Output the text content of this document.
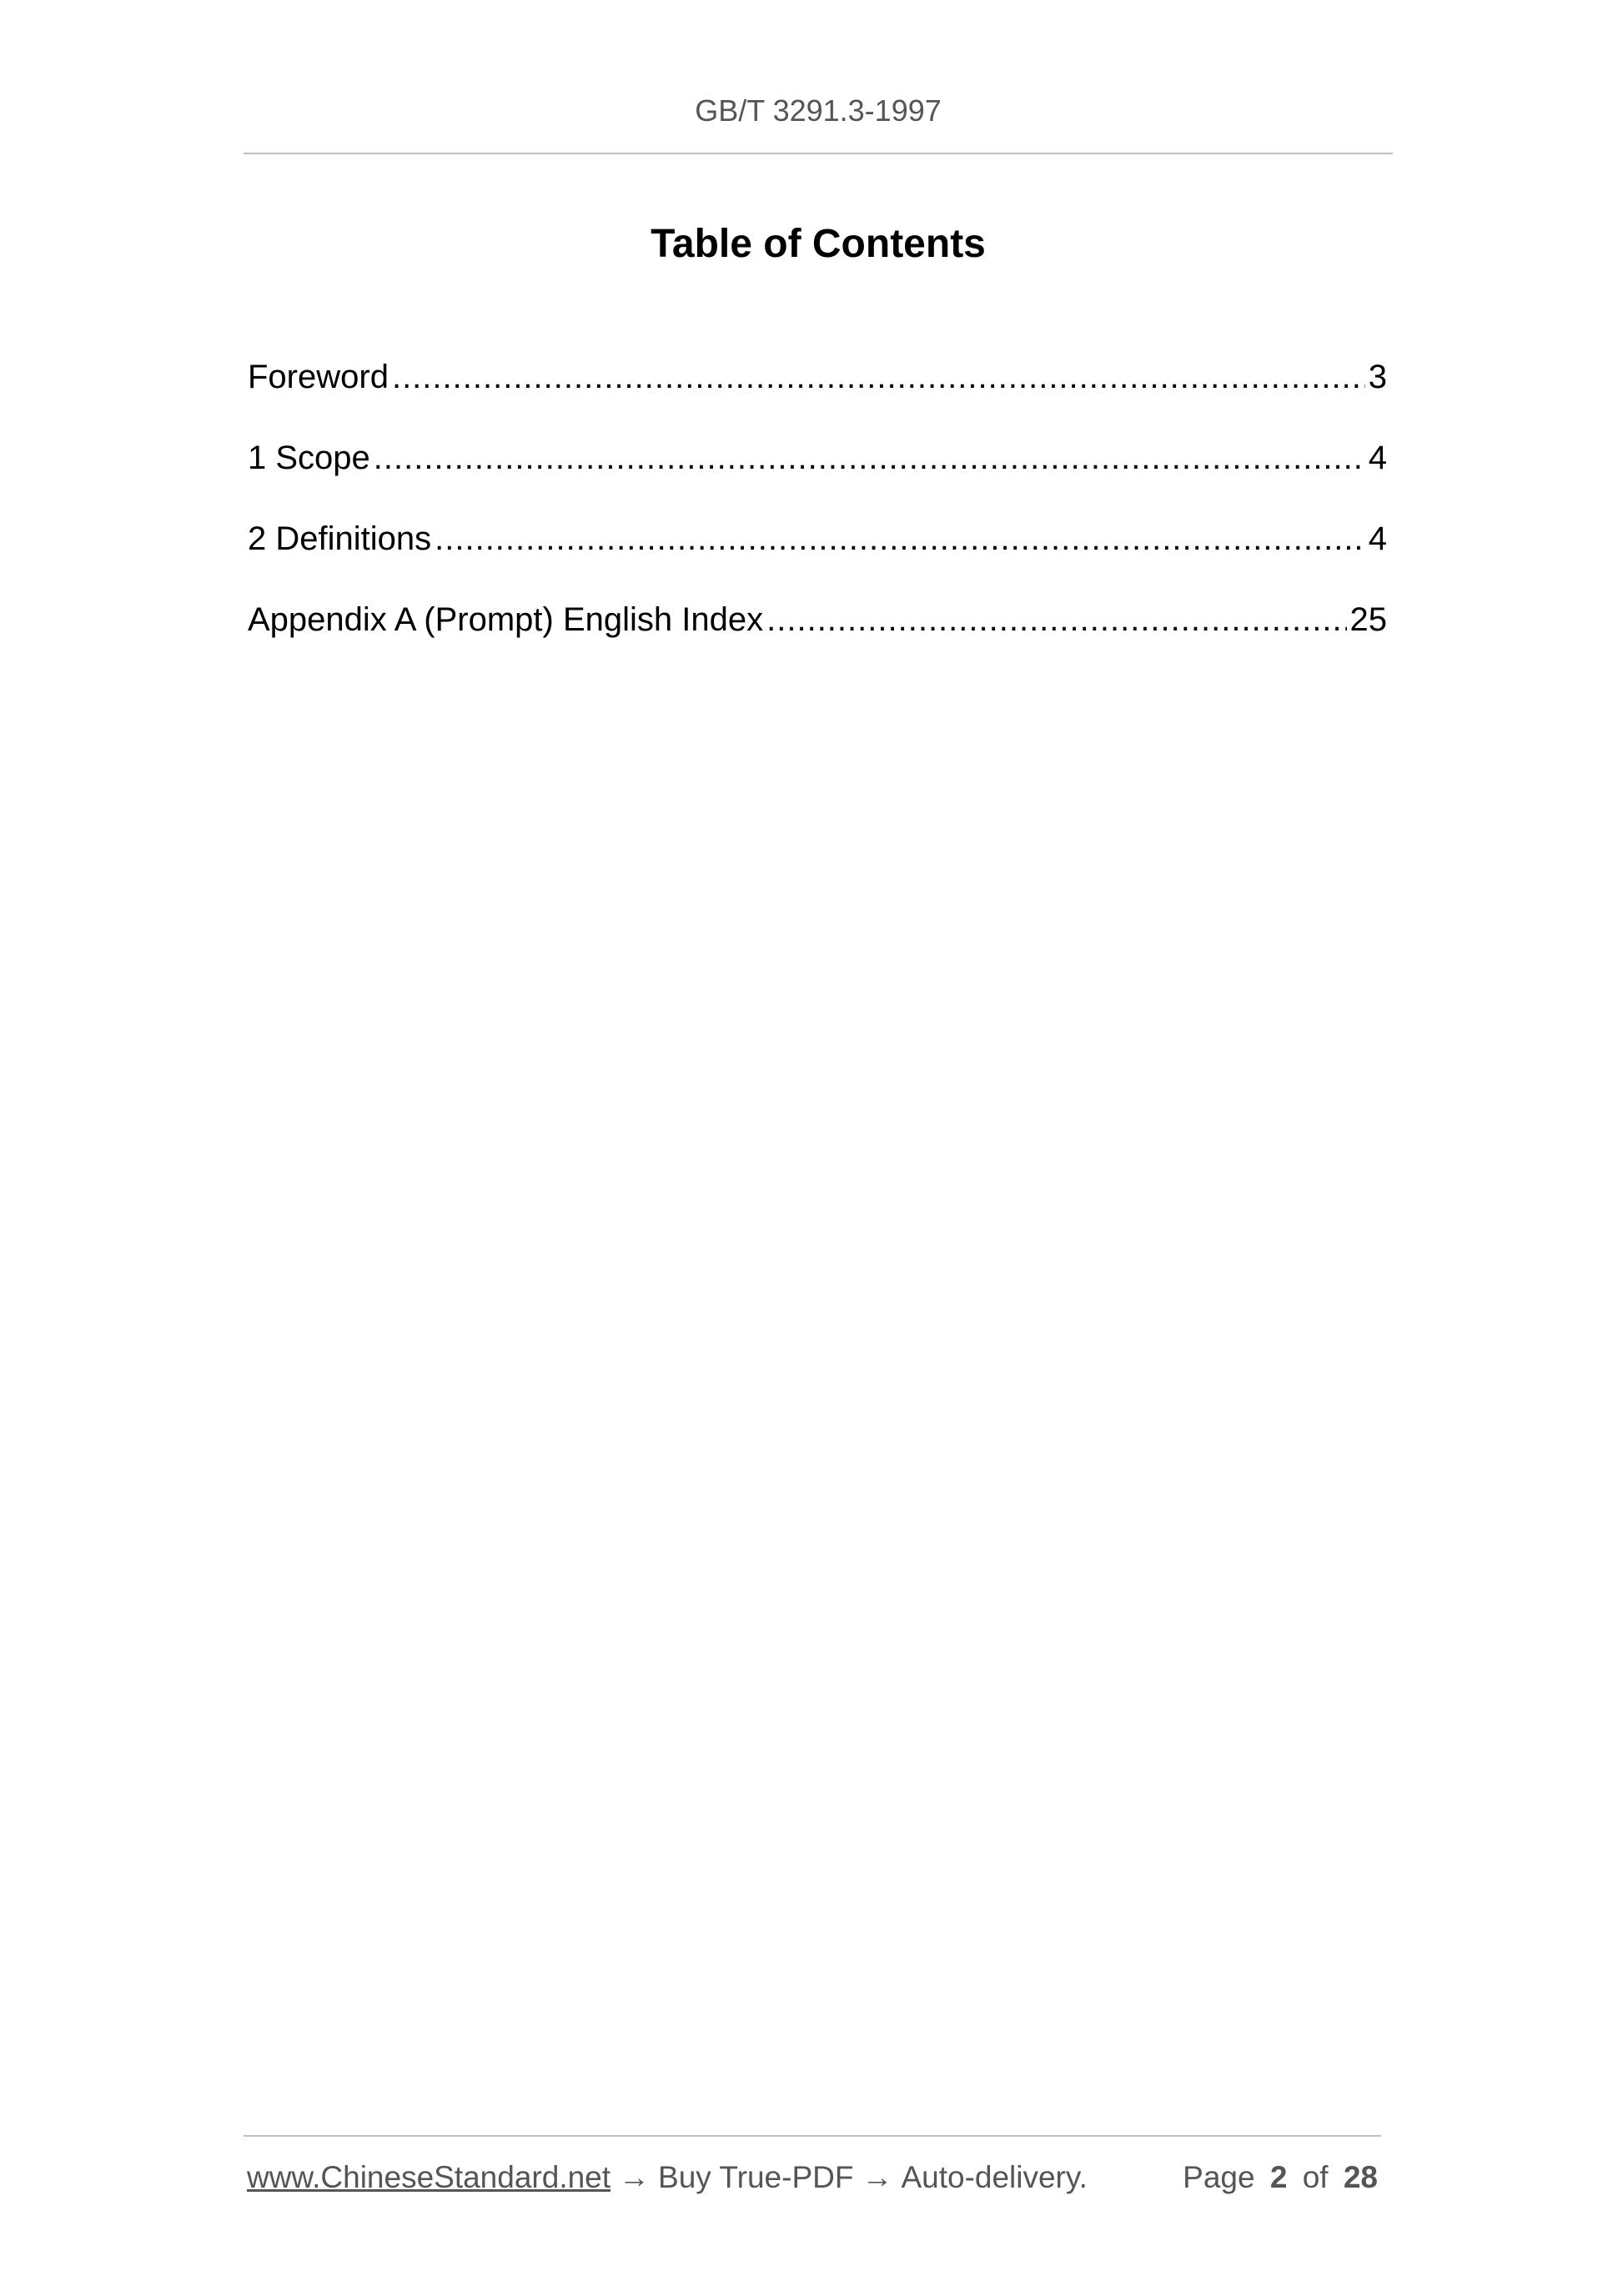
GB/T 3291.3-1997
Table of Contents
Foreword .....	3
1 Scope .....	4
2 Definitions .....	4
Appendix A (Prompt) English Index .....	25
www.ChineseStandard.net → Buy True-PDF → Auto-delivery.	Page 2 of 28
